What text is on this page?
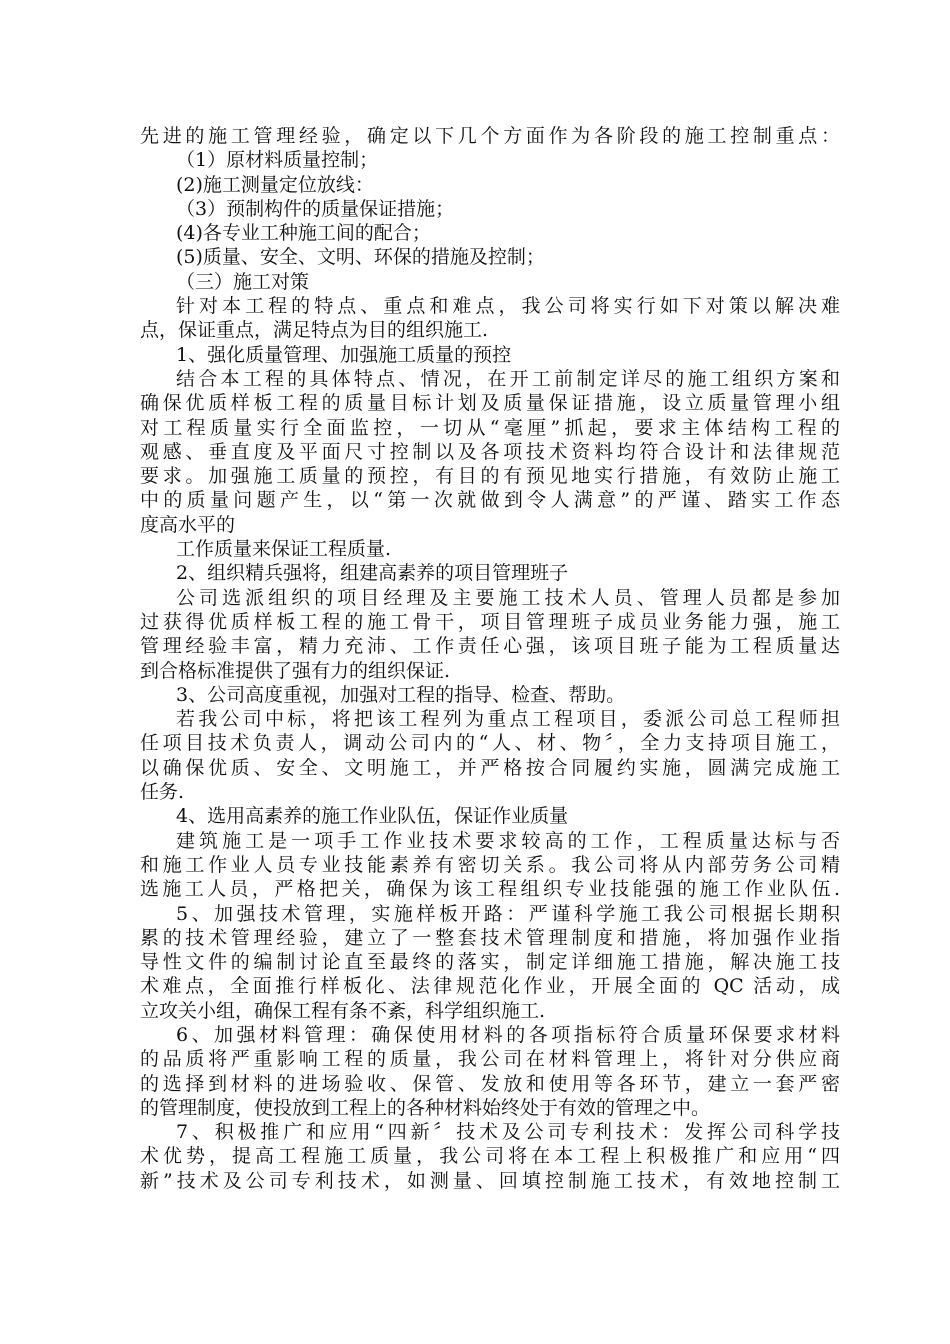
先进的施工管理经验，确定以下几个方面作为各阶段的施工控制重点：
（1）原材料质量控制；
(2)施工测量定位放线：
（3）预制构件的质量保证措施；
(4)各专业工种施工间的配合；
(5)质量、安全、文明、环保的措施及控制；
（三）施工对策
针对本工程的特点、重点和难点，我公司将实行如下对策以解决难
点，保证重点，满足特点为目的组织施工.
1、强化质量管理、加强施工质量的预控
结合本工程的具体特点、情况，在开工前制定详尽的施工组织方案和
确保优质样板工程的质量目标计划及质量保证措施，设立质量管理小组
对工程质量实行全面监控，一切从“毫厘”抓起，要求主体结构工程的
观感、垂直度及平面尺寸控制以及各项技术资料均符合设计和法律规范
要求。加强施工质量的预控，有目的有预见地实行措施，有效防止施工
中的质量问题产生，以“第一次就做到令人满意”的严谨、踏实工作态
度高水平的
工作质量来保证工程质量.
2、组织精兵强将，组建高素养的项目管理班子
公司选派组织的项目经理及主要施工技术人员、管理人员都是参加
过获得优质样板工程的施工骨干，项目管理班子成员业务能力强，施工
管理经验丰富，精力充沛、工作责任心强，该项目班子能为工程质量达
到合格标准提供了强有力的组织保证.
3、公司高度重视，加强对工程的指导、检查、帮助。
若我公司中标，将把该工程列为重点工程项目，委派公司总工程师担
任项目技术负责人，调动公司内的“人、材、物〞，全力支持项目施工，
以确保优质、安全、文明施工，并严格按合同履约实施，圆满完成施工
任务.
4、选用高素养的施工作业队伍，保证作业质量
建筑施工是一项手工作业技术要求较高的工作，工程质量达标与否
和施工作业人员专业技能素养有密切关系。我公司将从内部劳务公司精
选施工人员，严格把关，确保为该工程组织专业技能强的施工作业队伍.
5、加强技术管理，实施样板开路：严谨科学施工我公司根据长期积
累的技术管理经验，建立了一整套技术管理制度和措施，将加强作业指
导性文件的编制讨论直至最终的落实，制定详细施工措施，解决施工技
术难点，全面推行样板化、法律规范化作业，开展全面的 QC 活动，成
立攻关小组，确保工程有条不紊，科学组织施工.
6、加强材料管理：确保使用材料的各项指标符合质量环保要求材料
的品质将严重影响工程的质量，我公司在材料管理上，将针对分供应商
的选择到材料的进场验收、保管、发放和使用等各环节，建立一套严密
的管理制度，使投放到工程上的各种材料始终处于有效的管理之中。
7、积极推广和应用“四新〞技术及公司专利技术：发挥公司科学技
术优势，提高工程施工质量，我公司将在本工程上积极推广和应用“四
新”技术及公司专利技术，如测量、回填控制施工技术，有效地控制工
